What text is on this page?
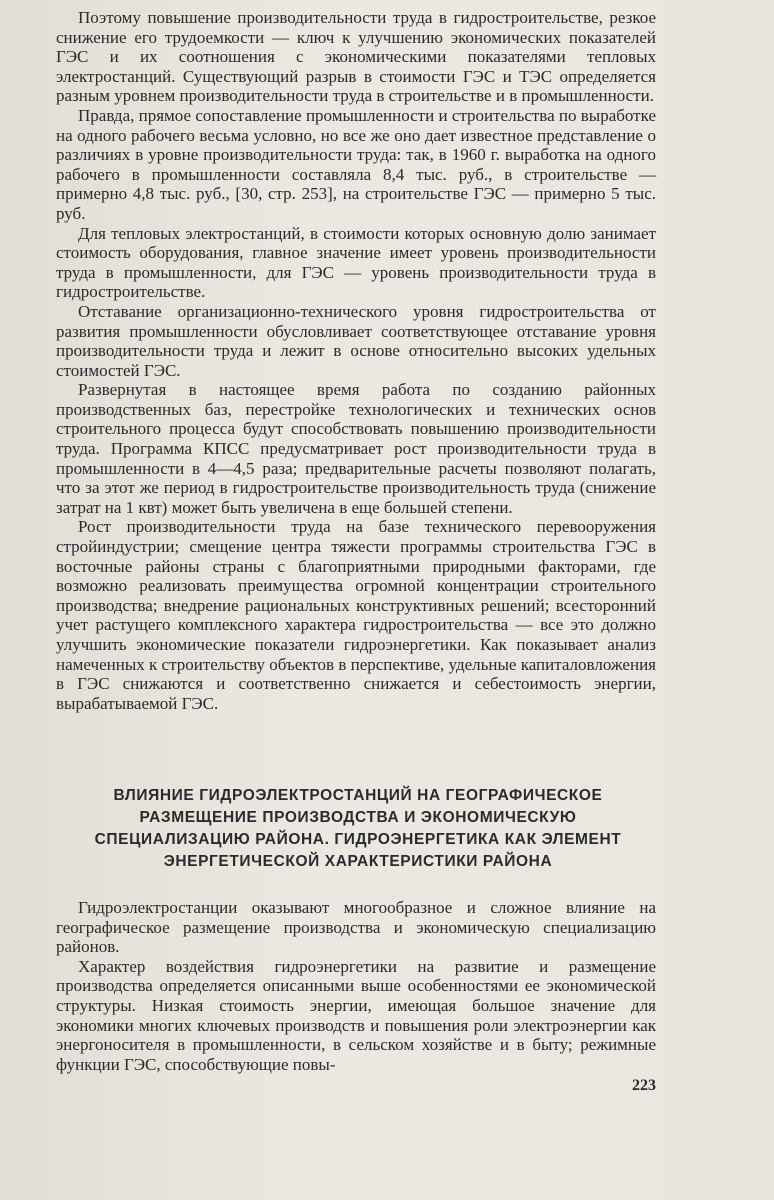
Поэтому повышение производительности труда в гидростроительстве, резкое снижение его трудоемкости — ключ к улучшению экономических показателей ГЭС и их соотношения с экономическими показателями тепловых электростанций. Существующий разрыв в стоимости ГЭС и ТЭС определяется разным уровнем производительности труда в строительстве и в промышленности.

Правда, прямое сопоставление промышленности и строительства по выработке на одного рабочего весьма условно, но все же оно дает известное представление о различиях в уровне производительности труда: так, в 1960 г. выработка на одного рабочего в промышленности составляла 8,4 тыс. руб., в строительстве — примерно 4,8 тыс. руб., [30, стр. 253], на строительстве ГЭС — примерно 5 тыс. руб.

Для тепловых электростанций, в стоимости которых основную долю занимает стоимость оборудования, главное значение имеет уровень производительности труда в промышленности, для ГЭС — уровень производительности труда в гидростроительстве.

Отставание организационно-технического уровня гидростроительства от развития промышленности обусловливает соответствующее отставание уровня производительности труда и лежит в основе относительно высоких удельных стоимостей ГЭС.

Развернутая в настоящее время работа по созданию районных производственных баз, перестройке технологических и технических основ строительного процесса будут способствовать повышению производительности труда. Программа КПСС предусматривает рост производительности труда в промышленности в 4—4,5 раза; предварительные расчеты позволяют полагать, что за этот же период в гидростроительстве производительность труда (снижение затрат на 1 квт) может быть увеличена в еще большей степени.

Рост производительности труда на базе технического перевооружения стройиндустрии; смещение центра тяжести программы строительства ГЭС в восточные районы страны с благоприятными природными факторами, где возможно реализовать преимущества огромной концентрации строительного производства; внедрение рациональных конструктивных решений; всесторонний учет растущего комплексного характера гидростроительства — все это должно улучшить экономические показатели гидроэнергетики. Как показывает анализ намеченных к строительству объектов в перспективе, удельные капиталовложения в ГЭС снижаются и соответственно снижается и себестоимость энергии, вырабатываемой ГЭС.

ВЛИЯНИЕ ГИДРОЭЛЕКТРОСТАНЦИЙ НА ГЕОГРАФИЧЕСКОЕ
РАЗМЕЩЕНИЕ ПРОИЗВОДСТВА И ЭКОНОМИЧЕСКУЮ
СПЕЦИАЛИЗАЦИЮ РАЙОНА. ГИДРОЭНЕРГЕТИКА КАК ЭЛЕМЕНТ
ЭНЕРГЕТИЧЕСКОЙ ХАРАКТЕРИСТИКИ РАЙОНА

Гидроэлектростанции оказывают многообразное и сложное влияние на географическое размещение производства и экономическую специализацию районов.

Характер воздействия гидроэнергетики на развитие и размещение производства определяется описанными выше особенностями ее экономической структуры. Низкая стоимость энергии, имеющая большое значение для экономики многих ключевых производств и повышения роли электроэнергии как энергоносителя в промышленности, в сельском хозяйстве и в быту; режимные функции ГЭС, способствующие повы-

223
